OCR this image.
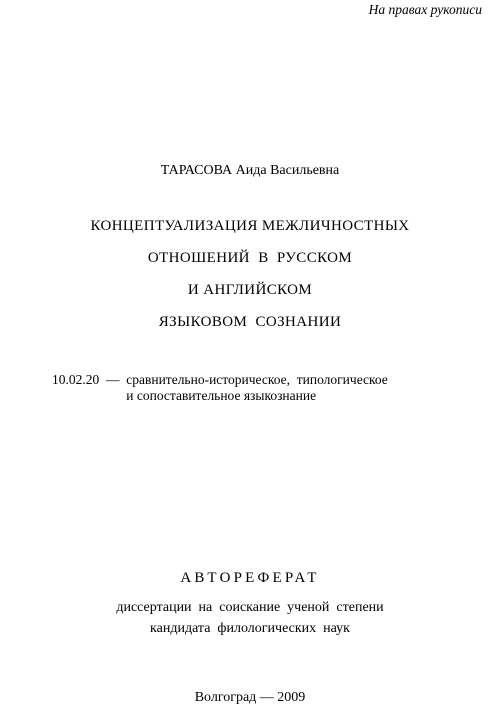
На правах рукописи
ТАРАСОВА Аида Васильевна
КОНЦЕПТУАЛИЗАЦИЯ МЕЖЛИЧНОСТНЫХ
ОТНОШЕНИЙ  В  РУССКОМ
И АНГЛИЙСКОМ
ЯЗЫКОВОМ  СОЗНАНИИ
10.02.20  —  сравнительно-историческое,  типологическое
и сопоставительное языкознание
АВТОРЕФЕРАТ
диссертации  на  соискание  ученой  степени
кандидата  филологических  наук
Волгоград — 2009
